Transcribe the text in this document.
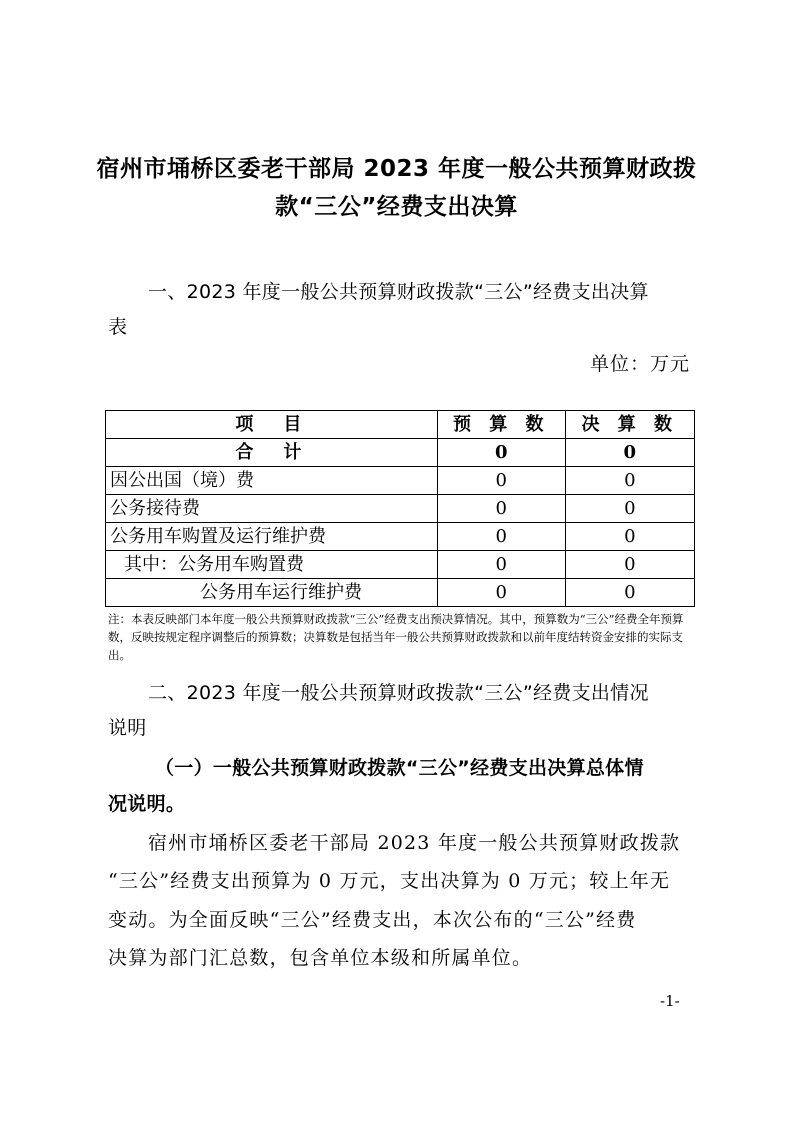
宿州市埇桥区委老干部局 2023 年度一般公共预算财政拨
款“三公”经费支出决算
一、2023 年度一般公共预算财政拨款“三公”经费支出决算
表
单位：万元
项　目	预 算 数	决 算 数
合　计	0	0
因公出国（境）费	0	0
公务接待费	0	0
公务用车购置及运行维护费	0	0
其中：公务用车购置费	0	0
公务用车运行维护费	0	0
注：本表反映部门本年度一般公共预算财政拨款“三公”经费支出预决算情况。其中，预算数为“三公”经费全年预算数，反映按规定程序调整后的预算数；决算数是包括当年一般公共预算财政拨款和以前年度结转资金安排的实际支出。
二、2023 年度一般公共预算财政拨款“三公”经费支出情况
说明
（一）一般公共预算财政拨款“三公”经费支出决算总体情
况说明。
宿州市埇桥区委老干部局 2023 年度一般公共预算财政拨款
“三公”经费支出预算为 0 万元，支出决算为 0 万元；较上年无
变动。为全面反映“三公”经费支出，本次公布的“三公”经费
决算为部门汇总数，包含单位本级和所属单位。
-1-
